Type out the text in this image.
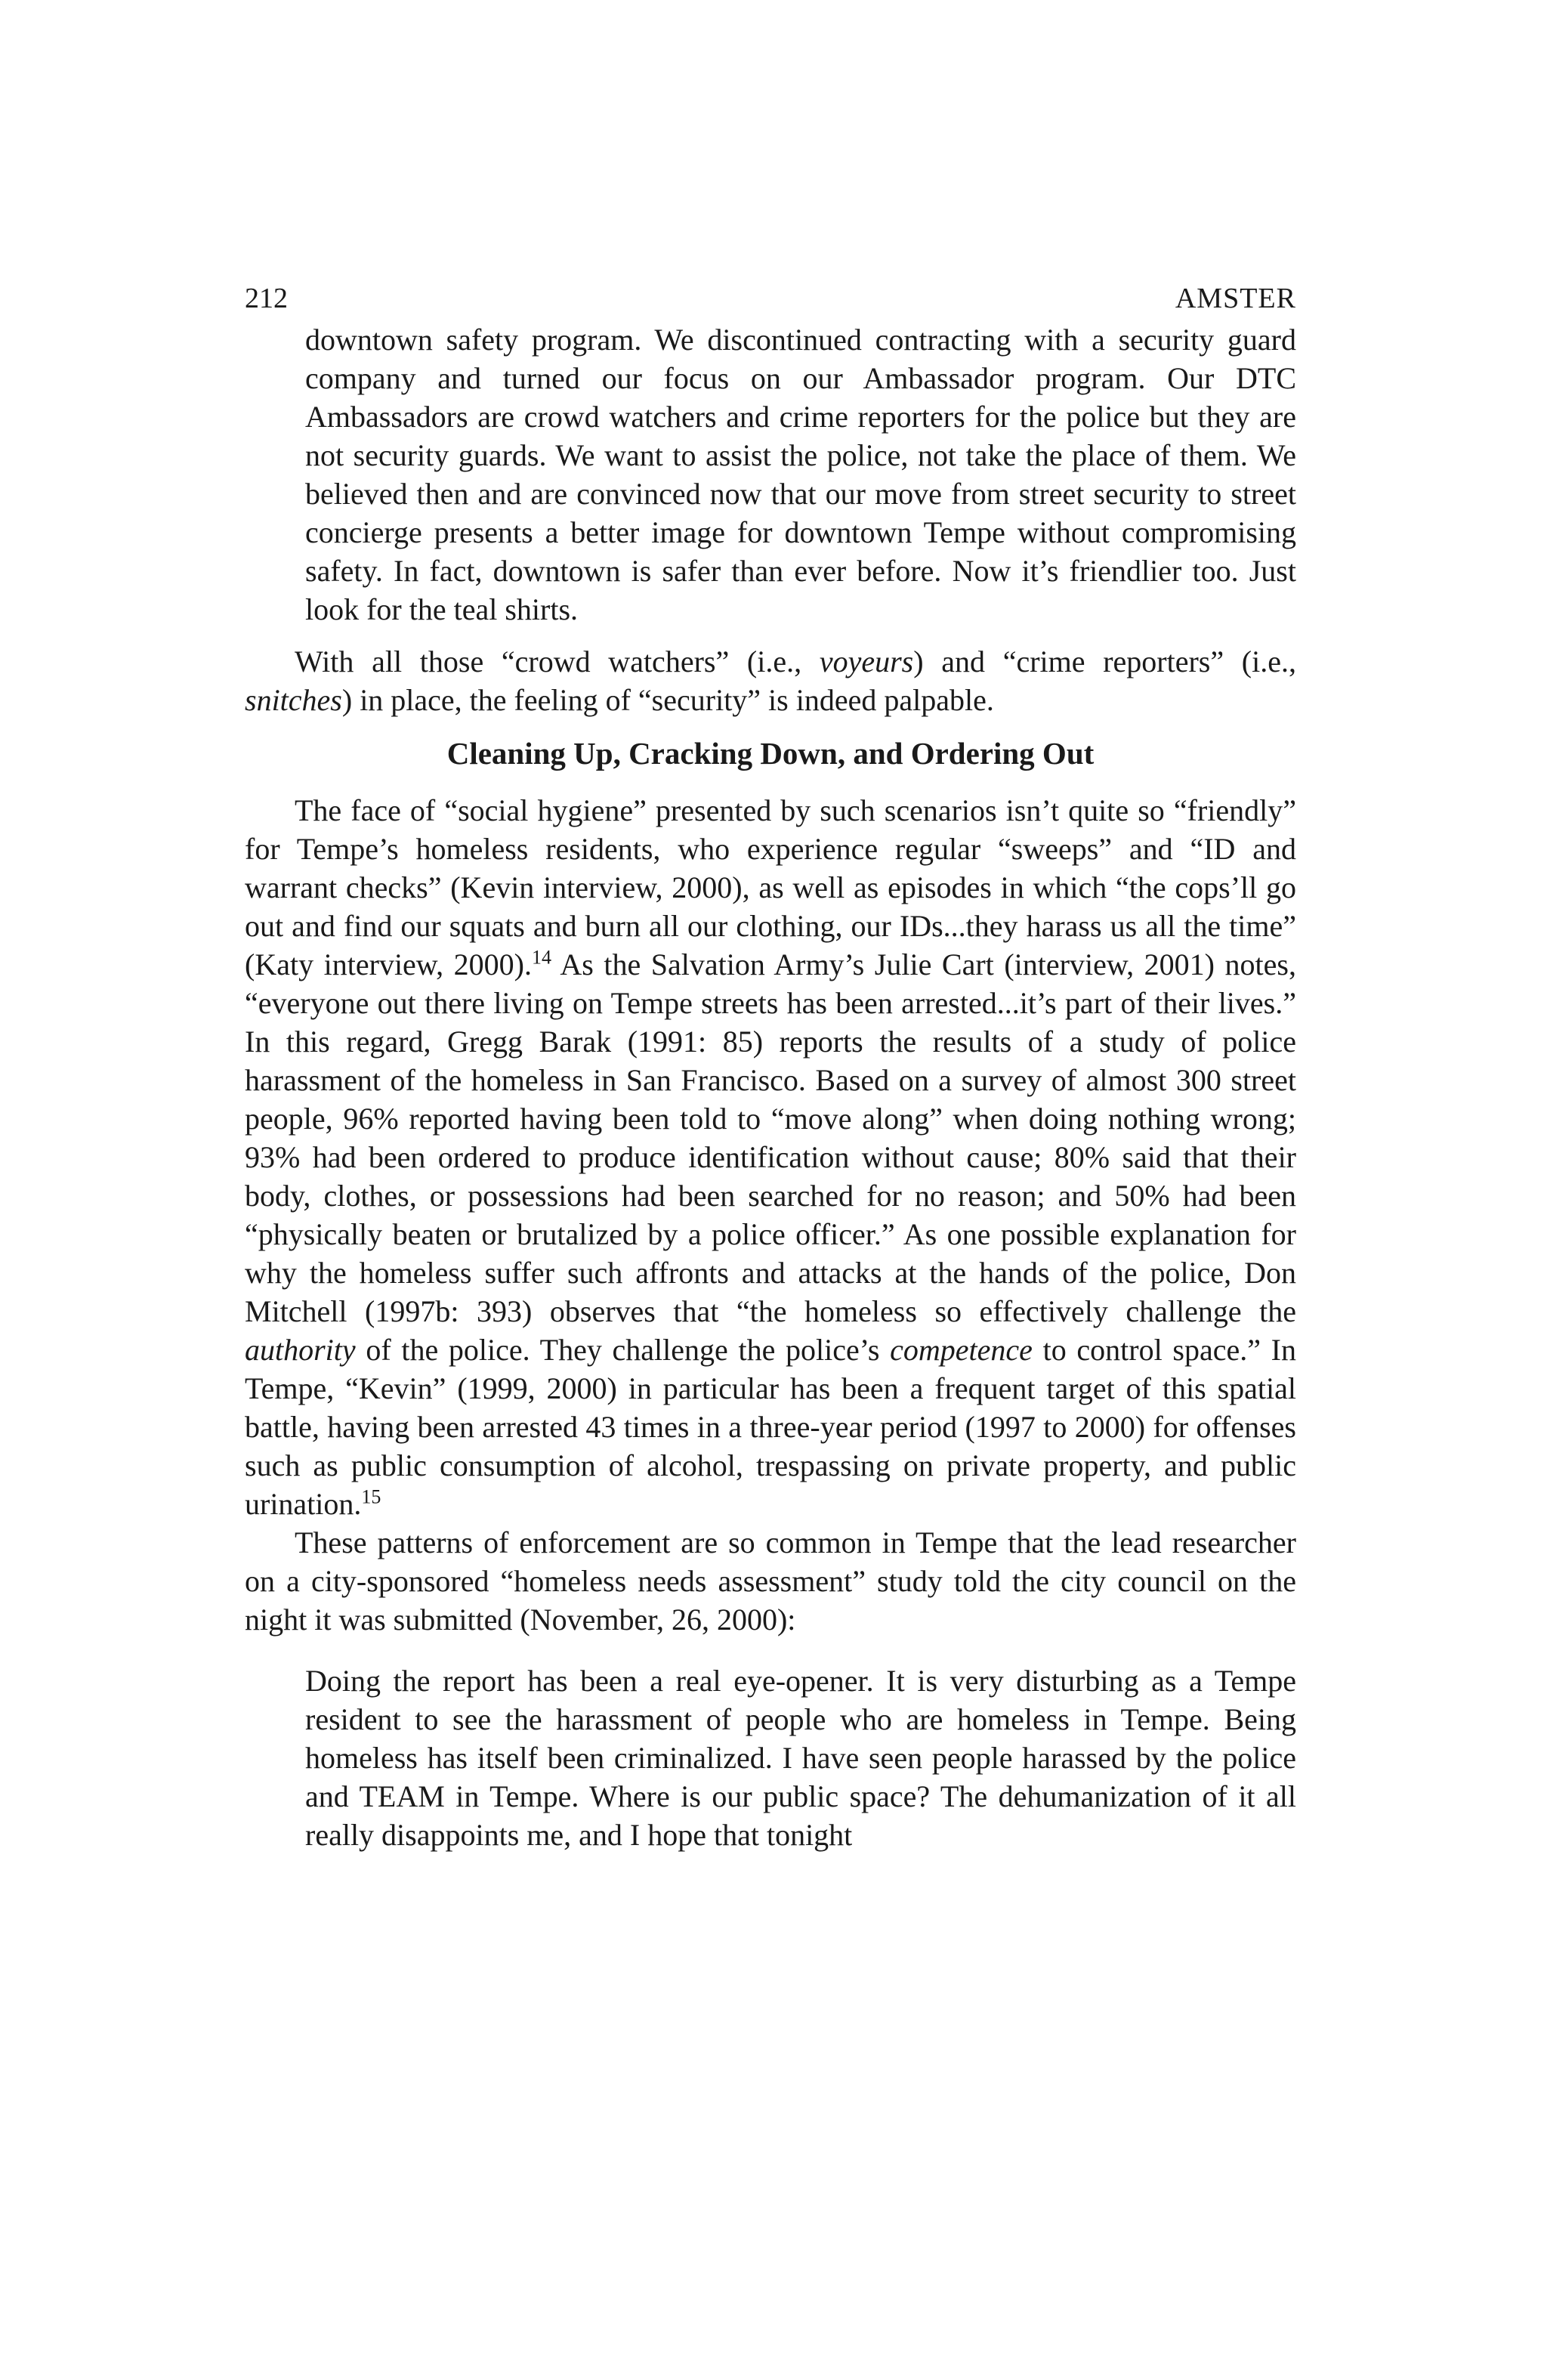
212	AMSTER

downtown safety program. We discontinued contracting with a security guard company and turned our focus on our Ambassador program. Our DTC Ambassadors are crowd watchers and crime reporters for the police but they are not security guards. We want to assist the police, not take the place of them. We believed then and are convinced now that our move from street security to street concierge presents a better image for downtown Tempe without compromising safety. In fact, downtown is safer than ever before. Now it’s friendlier too. Just look for the teal shirts.

With all those “crowd watchers” (i.e., voyeurs) and “crime reporters” (i.e., snitches) in place, the feeling of “security” is indeed palpable.

Cleaning Up, Cracking Down, and Ordering Out

The face of “social hygiene” presented by such scenarios isn’t quite so “friendly” for Tempe’s homeless residents, who experience regular “sweeps” and “ID and warrant checks” (Kevin interview, 2000), as well as episodes in which “the cops’ll go out and find our squats and burn all our clothing, our IDs...they harass us all the time” (Katy interview, 2000).$^{14}$ As the Salvation Army’s Julie Cart (interview, 2001) notes, “everyone out there living on Tempe streets has been arrested...it’s part of their lives.” In this regard, Gregg Barak (1991: 85) reports the results of a study of police harassment of the homeless in San Francisco. Based on a survey of almost 300 street people, 96% reported having been told to “move along” when doing nothing wrong; 93% had been ordered to produce identification without cause; 80% said that their body, clothes, or possessions had been searched for no reason; and 50% had been “physically beaten or brutalized by a police officer.” As one possible explanation for why the homeless suffer such affronts and attacks at the hands of the police, Don Mitchell (1997b: 393) observes that “the homeless so effectively challenge the authority of the police. They challenge the police’s competence to control space.” In Tempe, “Kevin” (1999, 2000) in particular has been a frequent target of this spatial battle, having been arrested 43 times in a three-year period (1997 to 2000) for offenses such as public consumption of alcohol, trespassing on private property, and public urination.$^{15}$

These patterns of enforcement are so common in Tempe that the lead researcher on a city-sponsored “homeless needs assessment” study told the city council on the night it was submitted (November, 26, 2000):

Doing the report has been a real eye-opener. It is very disturbing as a Tempe resident to see the harassment of people who are homeless in Tempe. Being homeless has itself been criminalized. I have seen people harassed by the police and TEAM in Tempe. Where is our public space? The dehumanization of it all really disappoints me, and I hope that tonight
